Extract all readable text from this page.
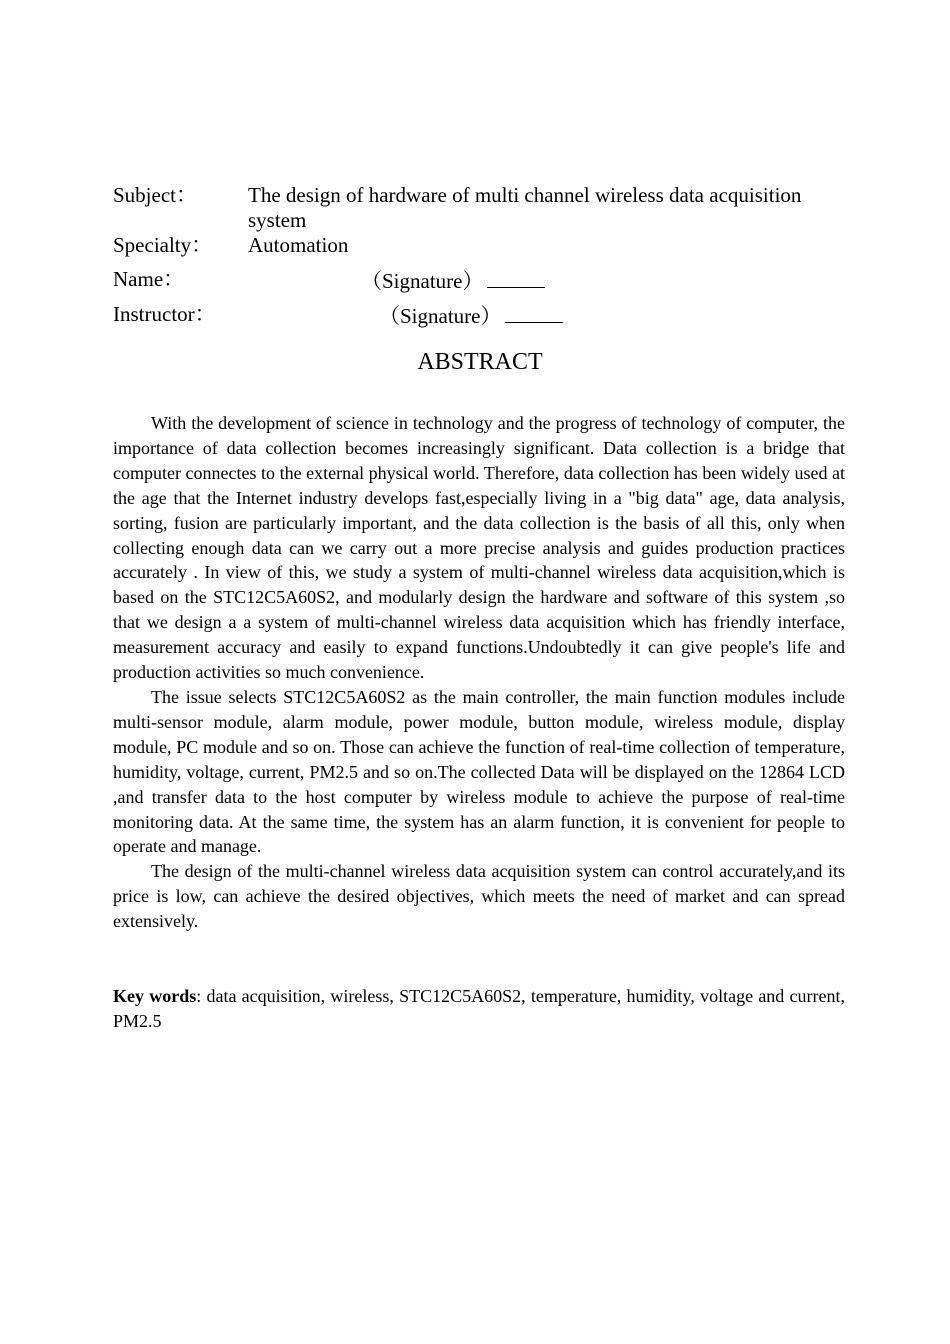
Subject： The design of hardware of multi channel wireless data acquisition system
Specialty： Automation
Name：	（Signature）
Instructor：	（Signature）
ABSTRACT

With the development of science in technology and the progress of technology of computer, the importance of data collection becomes increasingly significant. Data collection is a bridge that computer connectes to the external physical world. Therefore, data collection has been widely used at the age that the Internet industry develops fast,especially living in a "big data" age, data analysis, sorting, fusion are particularly important, and the data collection is the basis of all this, only when collecting enough data can we carry out a more precise analysis and guides production practices accurately . In view of this, we study a system of multi-channel wireless data acquisition,which is based on the STC12C5A60S2, and modularly design the hardware and software of this system ,so that we design a a system of multi-channel wireless data acquisition which has friendly interface, measurement accuracy and easily to expand functions.Undoubtedly it can give people's life and production activities so much convenience.

The issue selects STC12C5A60S2 as the main controller, the main function modules include multi-sensor module, alarm module, power module, button module, wireless module, display module, PC module and so on. Those can achieve the function of real-time collection of temperature, humidity, voltage, current, PM2.5 and so on.The collected Data will be displayed on the 12864 LCD ,and transfer data to the host computer by wireless module to achieve the purpose of real-time monitoring data. At the same time, the system has an alarm function, it is convenient for people to operate and manage.

The design of the multi-channel wireless data acquisition system can control accurately,and its price is low, can achieve the desired objectives, which meets the need of market and can spread extensively.

Key words: data acquisition, wireless, STC12C5A60S2, temperature, humidity, voltage and current, PM2.5
